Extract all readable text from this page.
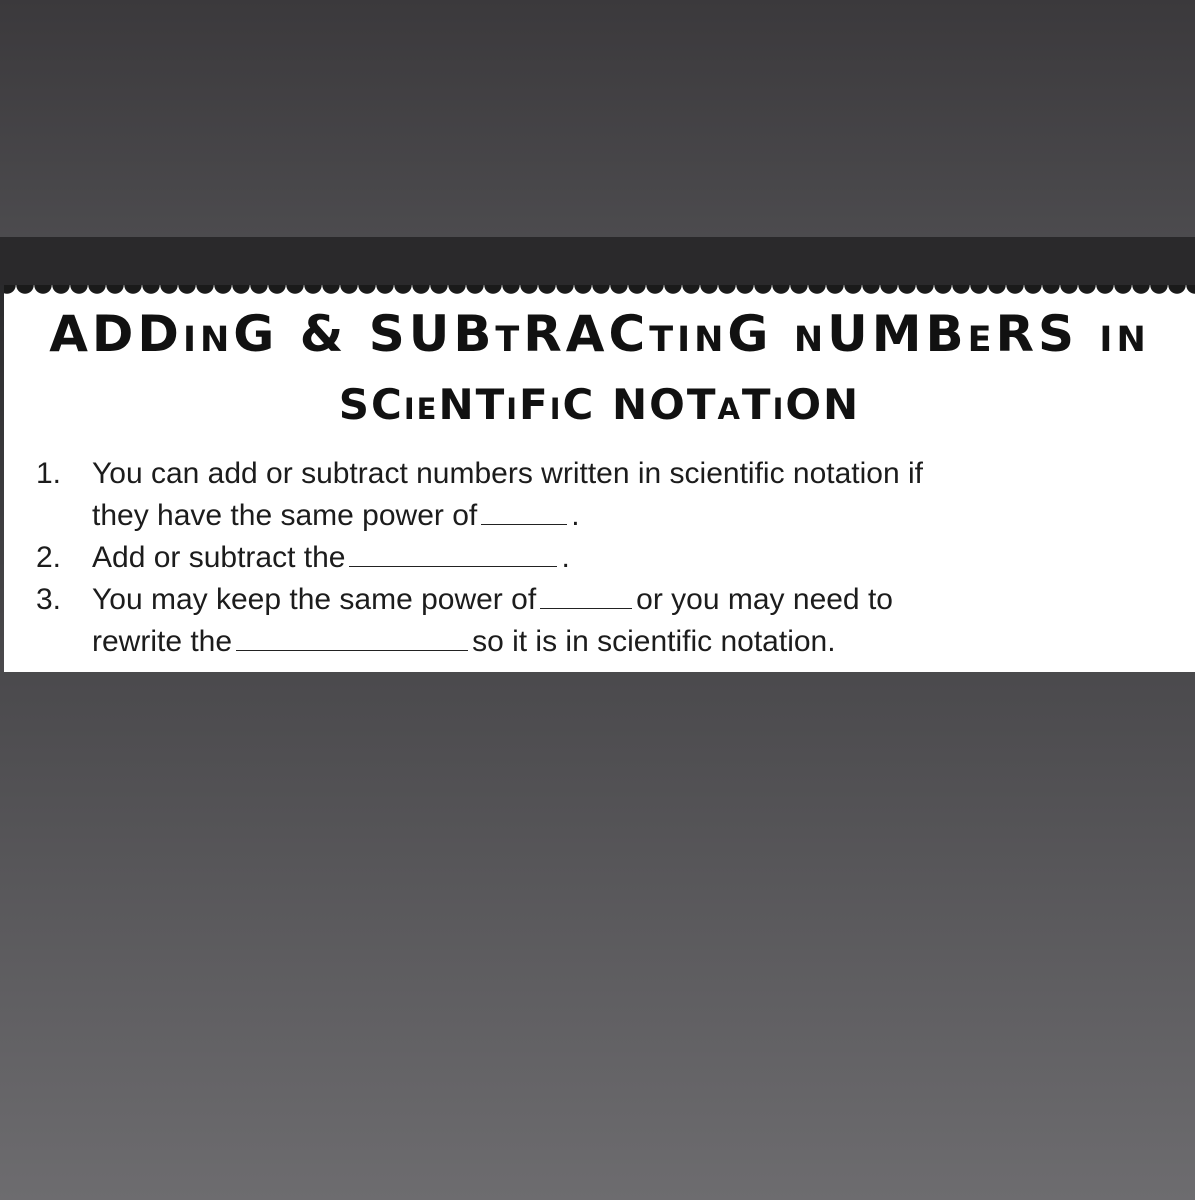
ADDinG & SUBtRACtinG nUMBeRS in
SCieNTiFiC NOTaTiON
1. You can add or subtract numbers written in scientific notation if
they have the same power of	.
2. Add or subtract the	.
3. You may keep the same power of	or you may need to
rewrite the	so it is in scientific notation.
